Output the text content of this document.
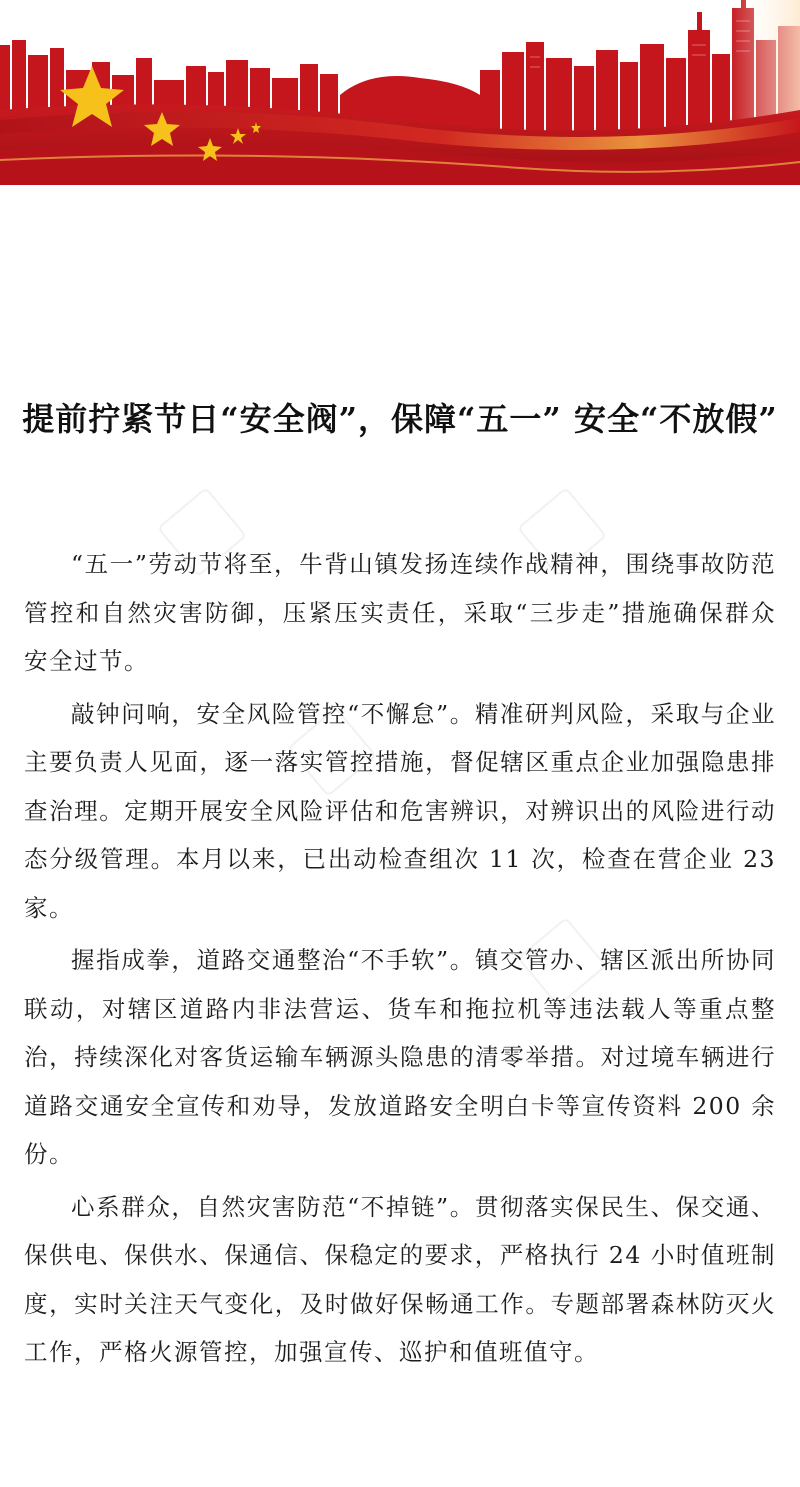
提前拧紧节日“安全阀”，保障“五一” 安全“不放假”

“五一”劳动节将至，牛背山镇发扬连续作战精神，围绕事故防范管控和自然灾害防御，压紧压实责任，采取“三步走”措施确保群众安全过节。

敲钟问响，安全风险管控“不懈怠”。精准研判风险，采取与企业主要负责人见面，逐一落实管控措施，督促辖区重点企业加强隐患排查治理。定期开展安全风险评估和危害辨识，对辨识出的风险进行动态分级管理。本月以来，已出动检查组次 11 次，检查在营企业 23 家。

握指成拳，道路交通整治“不手软”。镇交管办、辖区派出所协同联动，对辖区道路内非法营运、货车和拖拉机等违法载人等重点整治，持续深化对客货运输车辆源头隐患的清零举措。对过境车辆进行道路交通安全宣传和劝导，发放道路安全明白卡等宣传资料 200 余份。

心系群众，自然灾害防范“不掉链”。贯彻落实保民生、保交通、保供电、保供水、保通信、保稳定的要求，严格执行 24 小时值班制度，实时关注天气变化，及时做好保畅通工作。专题部署森林防灭火工作，严格火源管控，加强宣传、巡护和值班值守。
